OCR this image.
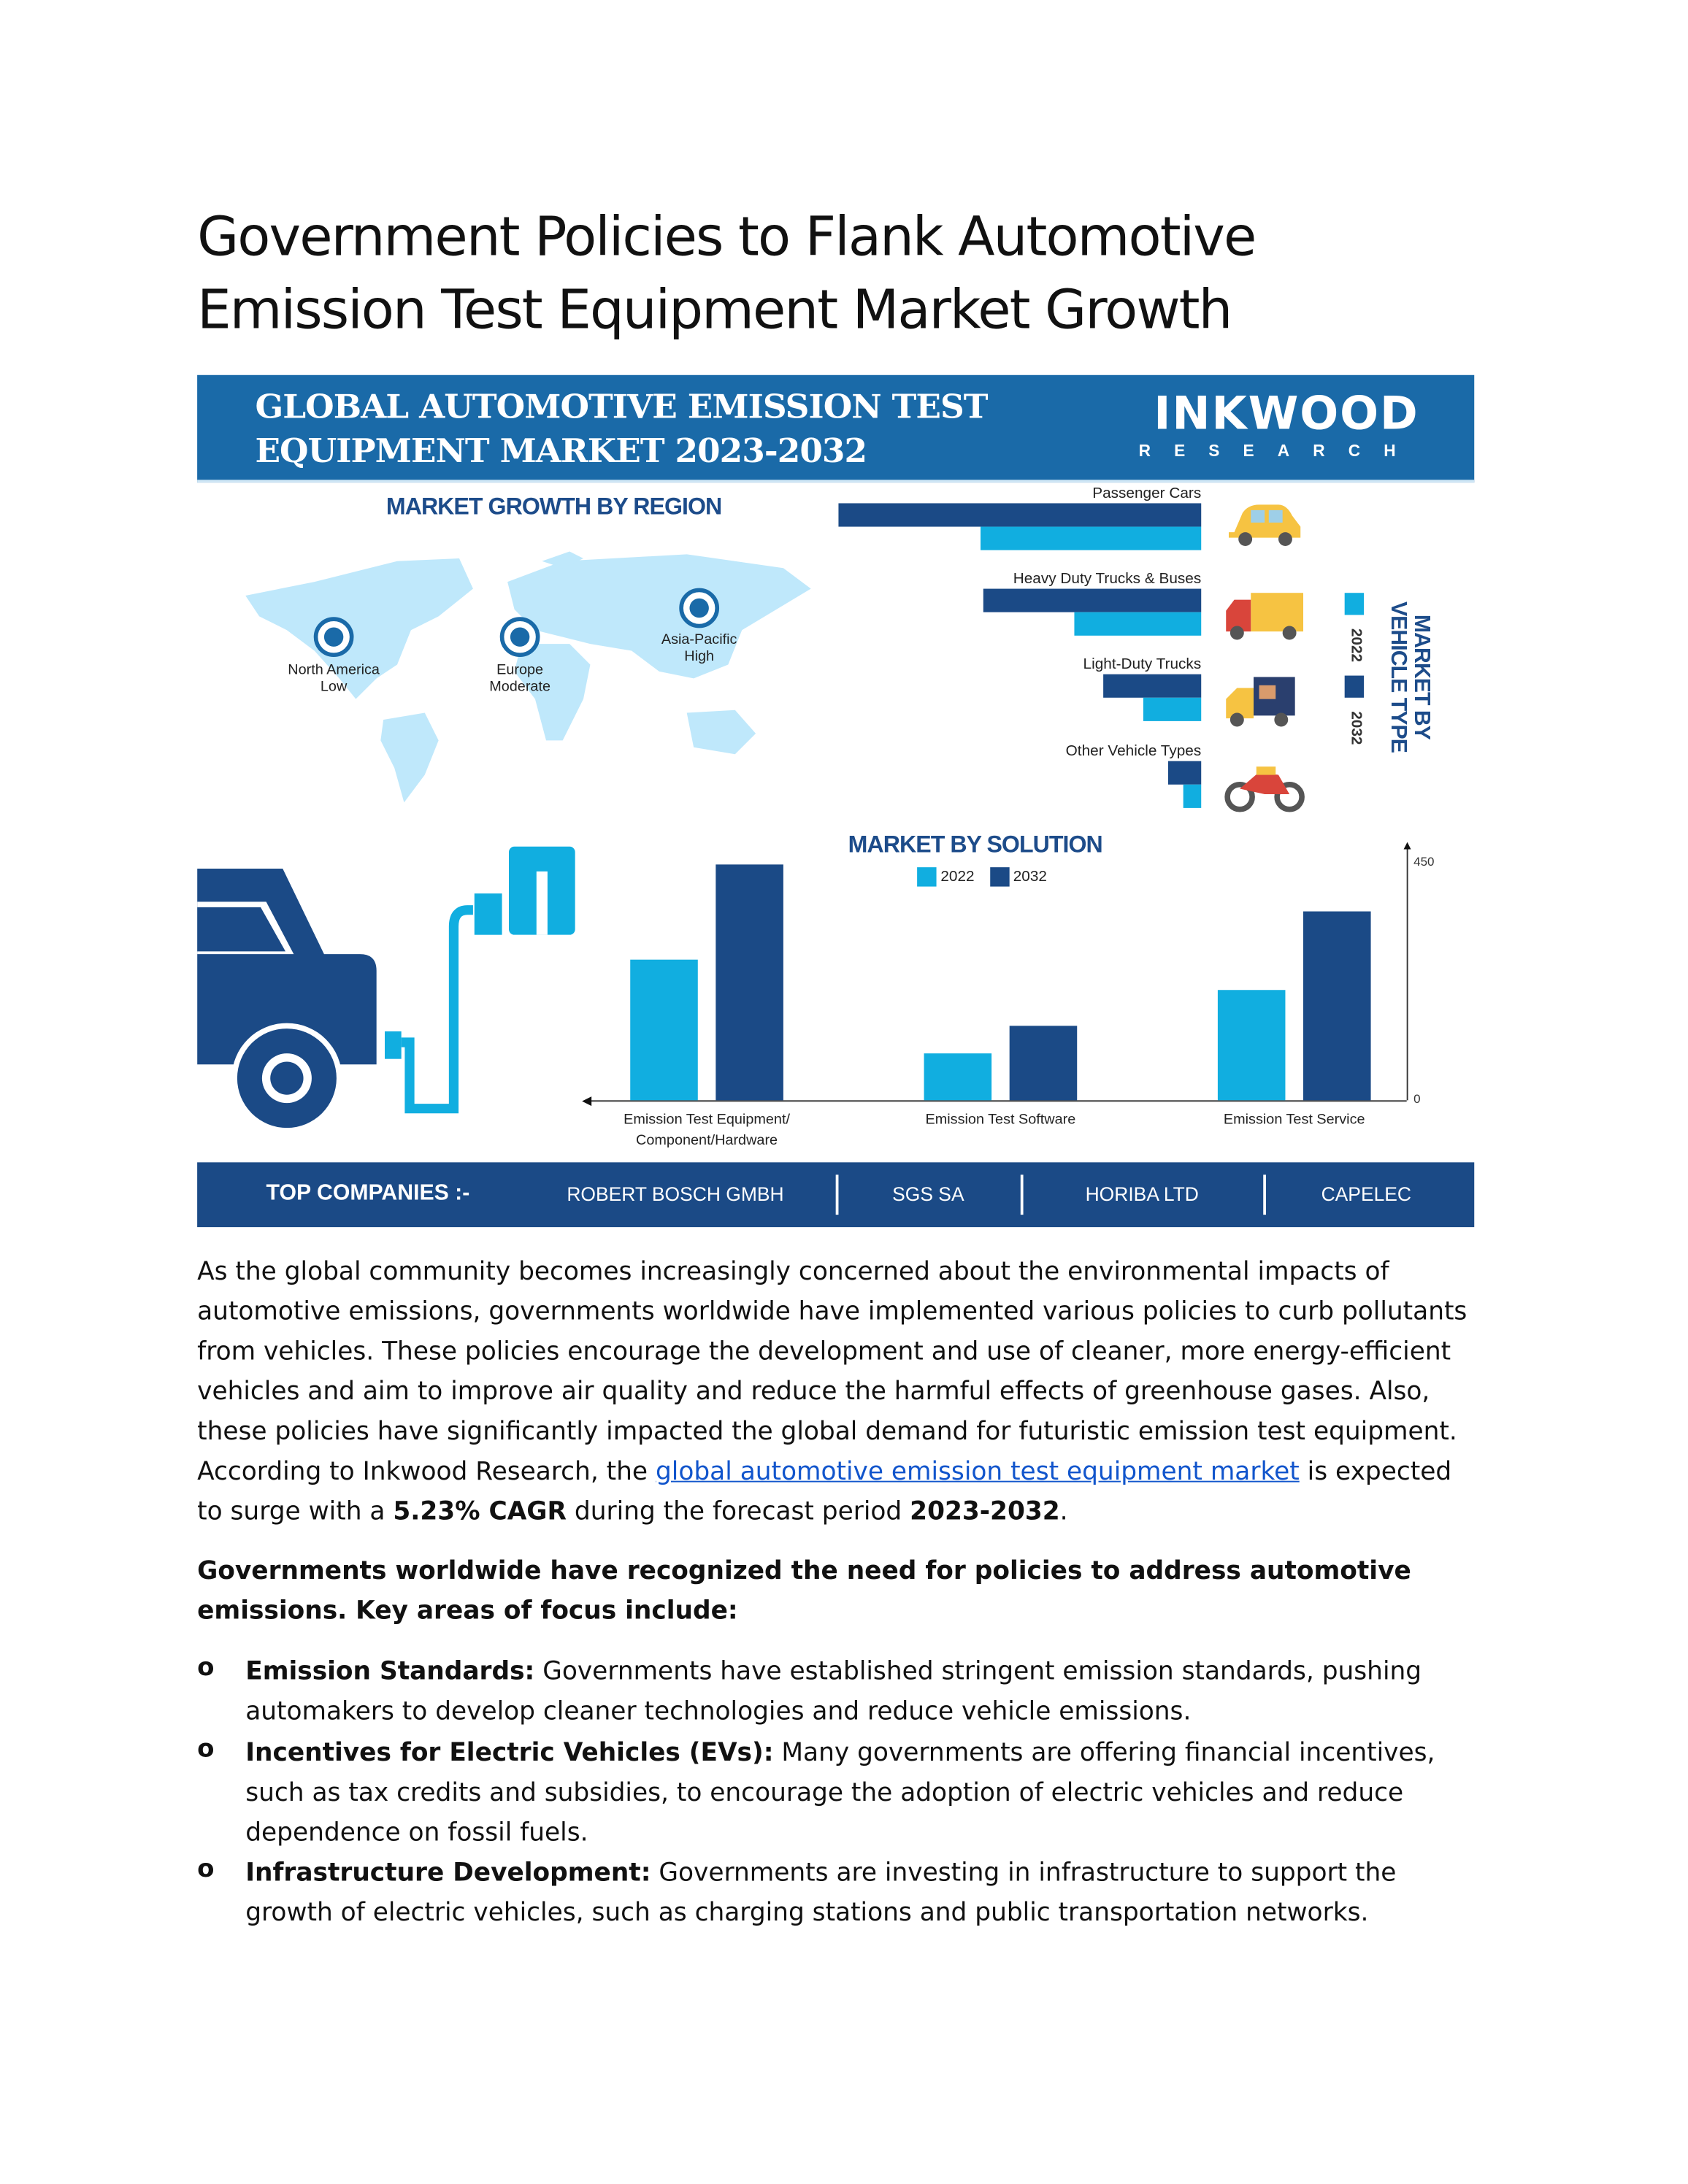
Government Policies to Flank Automotive Emission Test Equipment Market Growth
GLOBAL AUTOMOTIVE EMISSION TEST
EQUIPMENT MARKET 2023-2032
INKWOOD
RESEARCH
MARKET GROWTH BY REGION
North America
Low
Europe
Moderate
Asia-Pacific
High
Passenger Cars
Heavy Duty Trucks & Buses
Light-Duty Trucks
Other Vehicle Types
2022
2032	MARKET BY VEHICLE TYPE
MARKET BY SOLUTION
2022	2032
◀
▲
450
0
Emission Test Equipment/
Component/Hardware
Emission Test Software	Emission Test Service
TOP COMPANIES :-	ROBERT BOSCH GMBH	SGS SA	HORIBA LTD	CAPELEC

As the global community becomes increasingly concerned about the environmental impacts of automotive emissions, governments worldwide have implemented various policies to curb pollutants from vehicles. These policies encourage the development and use of cleaner, more energy-efficient vehicles and aim to improve air quality and reduce the harmful effects of greenhouse gases. Also, these policies have significantly impacted the global demand for futuristic emission test equipment. According to Inkwood Research, the global automotive emission test equipment market is expected to surge with a 5.23% CAGR during the forecast period 2023-2032.

Governments worldwide have recognized the need for policies to address automotive emissions. Key areas of focus include:

o Emission Standards: Governments have established stringent emission standards, pushing automakers to develop cleaner technologies and reduce vehicle emissions.

o Incentives for Electric Vehicles (EVs): Many governments are offering financial incentives, such as tax credits and subsidies, to encourage the adoption of electric vehicles and reduce dependence on fossil fuels.

o Infrastructure Development: Governments are investing in infrastructure to support the growth of electric vehicles, such as charging stations and public transportation networks.
